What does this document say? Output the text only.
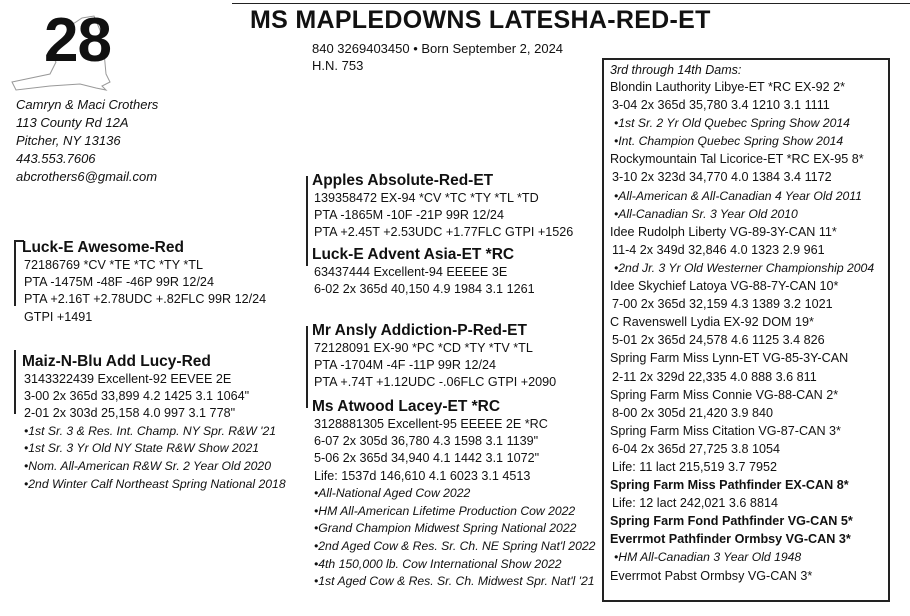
28	MS MAPLEDOWNS LATESHA-RED-ET
840 3269403450 • Born September 2, 2024
H.N. 753
Camryn & Maci Crothers
113 County Rd 12A
Pitcher, NY 13136
443.553.7606
abcrothers6@gmail.com
Luck-E Awesome-Red
72186769 *CV *TE *TC *TY *TL
PTA -1475M -48F -46P 99R 12/24
PTA +2.16T +2.78UDC +.82FLC 99R 12/24
GTPI +1491
Maiz-N-Blu Add Lucy-Red
3143322439 Excellent-92 EEVEE 2E
3-00 2x 365d 33,899 4.2 1425 3.1 1064"
2-01 2x 303d 25,158 4.0 997 3.1 778"
•1st Sr. 3 & Res. Int. Champ. NY Spr. R&W '21
•1st Sr. 3 Yr Old NY State R&W Show 2021
•Nom. All-American R&W Sr. 2 Year Old 2020
•2nd Winter Calf Northeast Spring National 2018
Apples Absolute-Red-ET
139358472 EX-94 *CV *TC *TY *TL *TD
PTA -1865M -10F -21P 99R 12/24
PTA +2.45T +2.53UDC +1.77FLC GTPI +1526
Luck-E Advent Asia-ET *RC
63437444 Excellent-94 EEEEE 3E
6-02 2x 365d 40,150 4.9 1984 3.1 1261
Mr Ansly Addiction-P-Red-ET
72128091 EX-90 *PC *CD *TY *TV *TL
PTA -1704M -4F -11P 99R 12/24
PTA +.74T +1.12UDC -.06FLC GTPI +2090
Ms Atwood Lacey-ET *RC
3128881305 Excellent-95 EEEEE 2E *RC
6-07 2x 305d 36,780 4.3 1598 3.1 1139"
5-06 2x 365d 34,940 4.1 1442 3.1 1072"
Life: 1537d 146,610 4.1 6023 3.1 4513
•All-National Aged Cow 2022
•HM All-American Lifetime Production Cow 2022
•Grand Champion Midwest Spring National 2022
•2nd Aged Cow & Res. Sr. Ch. NE Spring Nat'l 2022
•4th 150,000 lb. Cow International Show 2022
•1st Aged Cow & Res. Sr. Ch. Midwest Spr. Nat'l '21
3rd through 14th Dams:
Blondin Lauthority Libye-ET *RC EX-92 2*
3-04 2x 365d 35,780 3.4 1210 3.1 1111
•1st Sr. 2 Yr Old Quebec Spring Show 2014
•Int. Champion Quebec Spring Show 2014
Rockymountain Tal Licorice-ET *RC EX-95 8*
3-10 2x 323d 34,770 4.0 1384 3.4 1172
•All-American & All-Canadian 4 Year Old 2011
•All-Canadian Sr. 3 Year Old 2010
Idee Rudolph Liberty VG-89-3Y-CAN 11*
11-4 2x 349d 32,846 4.0 1323 2.9 961
•2nd Jr. 3 Yr Old Westerner Championship 2004
Idee Skychief Latoya VG-88-7Y-CAN 10*
7-00 2x 365d 32,159 4.3 1389 3.2 1021
C Ravenswell Lydia EX-92 DOM 19*
5-01 2x 365d 24,578 4.6 1125 3.4 826
Spring Farm Miss Lynn-ET VG-85-3Y-CAN
2-11 2x 329d 22,335 4.0 888 3.6 811
Spring Farm Miss Connie VG-88-CAN 2*
8-00 2x 305d 21,420 3.9 840
Spring Farm Miss Citation VG-87-CAN 3*
6-04 2x 365d 27,725 3.8 1054
Life: 11 lact 215,519 3.7 7952
Spring Farm Miss Pathfinder EX-CAN 8*
Life: 12 lact 242,021 3.6 8814
Spring Farm Fond Pathfinder VG-CAN 5*
Everrmot Pathfinder Ormbsy VG-CAN 3*
•HM All-Canadian 3 Year Old 1948
Everrmot Pabst Ormbsy VG-CAN 3*
